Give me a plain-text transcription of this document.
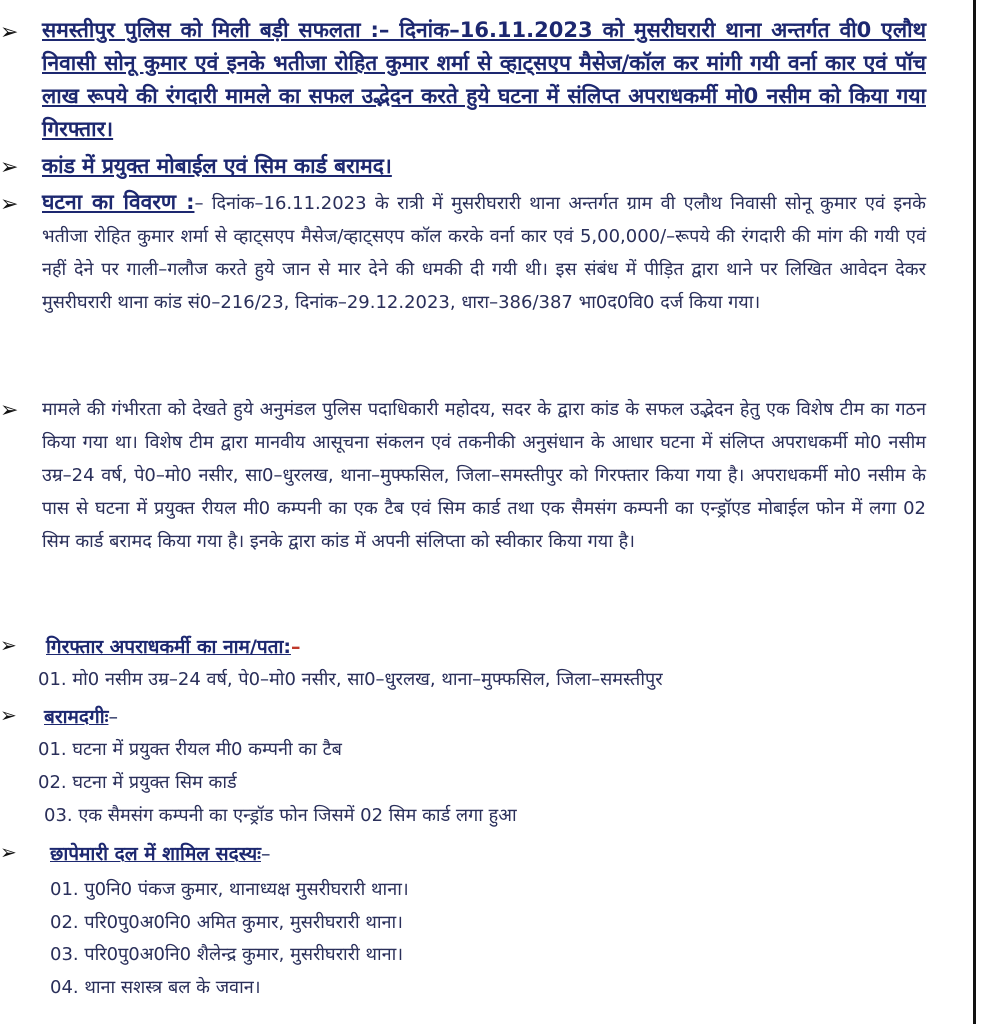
➢ समस्तीपुर पुलिस को मिली बड़ी सफलता :– दिनांक–16.11.2023 को मुसरीघरारी थाना अन्तर्गत वी0 एलौथ निवासी सोनू कुमार एवं इनके भतीजा रोहित कुमार शर्मा से व्हाट्सएप मैसेज/कॉल कर मांगी गयी वर्ना कार एवं पॉच लाख रूपये की रंगदारी मामले का सफल उद्भेदन करते हुये घटना में संलिप्त अपराधकर्मी मो0 नसीम को किया गया गिरफ्तार।
➢ कांड में प्रयुक्त मोबाईल एवं सिम कार्ड बरामद।
➢ घटना का विवरण :– दिनांक–16.11.2023 के रात्री में मुसरीघरारी थाना अन्तर्गत ग्राम वी एलौथ निवासी सोनू कुमार एवं इनके भतीजा रोहित कुमार शर्मा से व्हाट्सएप मैसेज/व्हाट्सएप कॉल करके वर्ना कार एवं 5,00,000/–रूपये की रंगदारी की मांग की गयी एवं नहीं देने पर गाली–गलौज करते हुये जान से मार देने की धमकी दी गयी थी। इस संबंध में पीड़ित द्वारा थाने पर लिखित आवेदन देकर मुसरीघरारी थाना कांड सं0–216/23, दिनांक–29.12.2023, धारा–386/387 भा0द0वि0 दर्ज किया गया।
➢ मामले की गंभीरता को देखते हुये अनुमंडल पुलिस पदाधिकारी महोदय, सदर के द्वारा कांड के सफल उद्भेदन हेतु एक विशेष टीम का गठन किया गया था। विशेष टीम द्वारा मानवीय आसूचना संकलन एवं तकनीकी अनुसंधान के आधार घटना में संलिप्त अपराधकर्मी मो0 नसीम उम्र–24 वर्ष, पे0–मो0 नसीर, सा0–धुरलख, थाना–मुफ्फसिल, जिला–समस्तीपुर को गिरफ्तार किया गया है। अपराधकर्मी मो0 नसीम के पास से घटना में प्रयुक्त रीयल मी0 कम्पनी का एक टैब एवं सिम कार्ड तथा एक सैमसंग कम्पनी का एन्ड्रॉएड मोबाईल फोन में लगा 02 सिम कार्ड बरामद किया गया है। इनके द्वारा कांड में अपनी संलिप्ता को स्वीकार किया गया है।
➢ गिरफ्तार अपराधकर्मी का नाम/पता:–
01. मो0 नसीम उम्र–24 वर्ष, पे0–मो0 नसीर, सा0–धुरलख, थाना–मुफ्फसिल, जिला–समस्तीपुर
➢ बरामदगीः–
01. घटना में प्रयुक्त रीयल मी0 कम्पनी का टैब
02. घटना में प्रयुक्त सिम कार्ड
03. एक सैमसंग कम्पनी का एन्ड्रॉड फोन जिसमें 02 सिम कार्ड लगा हुआ
➢ छापेमारी दल में शामिल सदस्यः–
01. पु0नि0 पंकज कुमार, थानाध्यक्ष मुसरीघरारी थाना।
02. परि0पु0अ0नि0 अमित कुमार, मुसरीघरारी थाना।
03. परि0पु0अ0नि0 शैलेन्द्र कुमार, मुसरीघरारी थाना।
04. थाना सशस्त्र बल के जवान।
